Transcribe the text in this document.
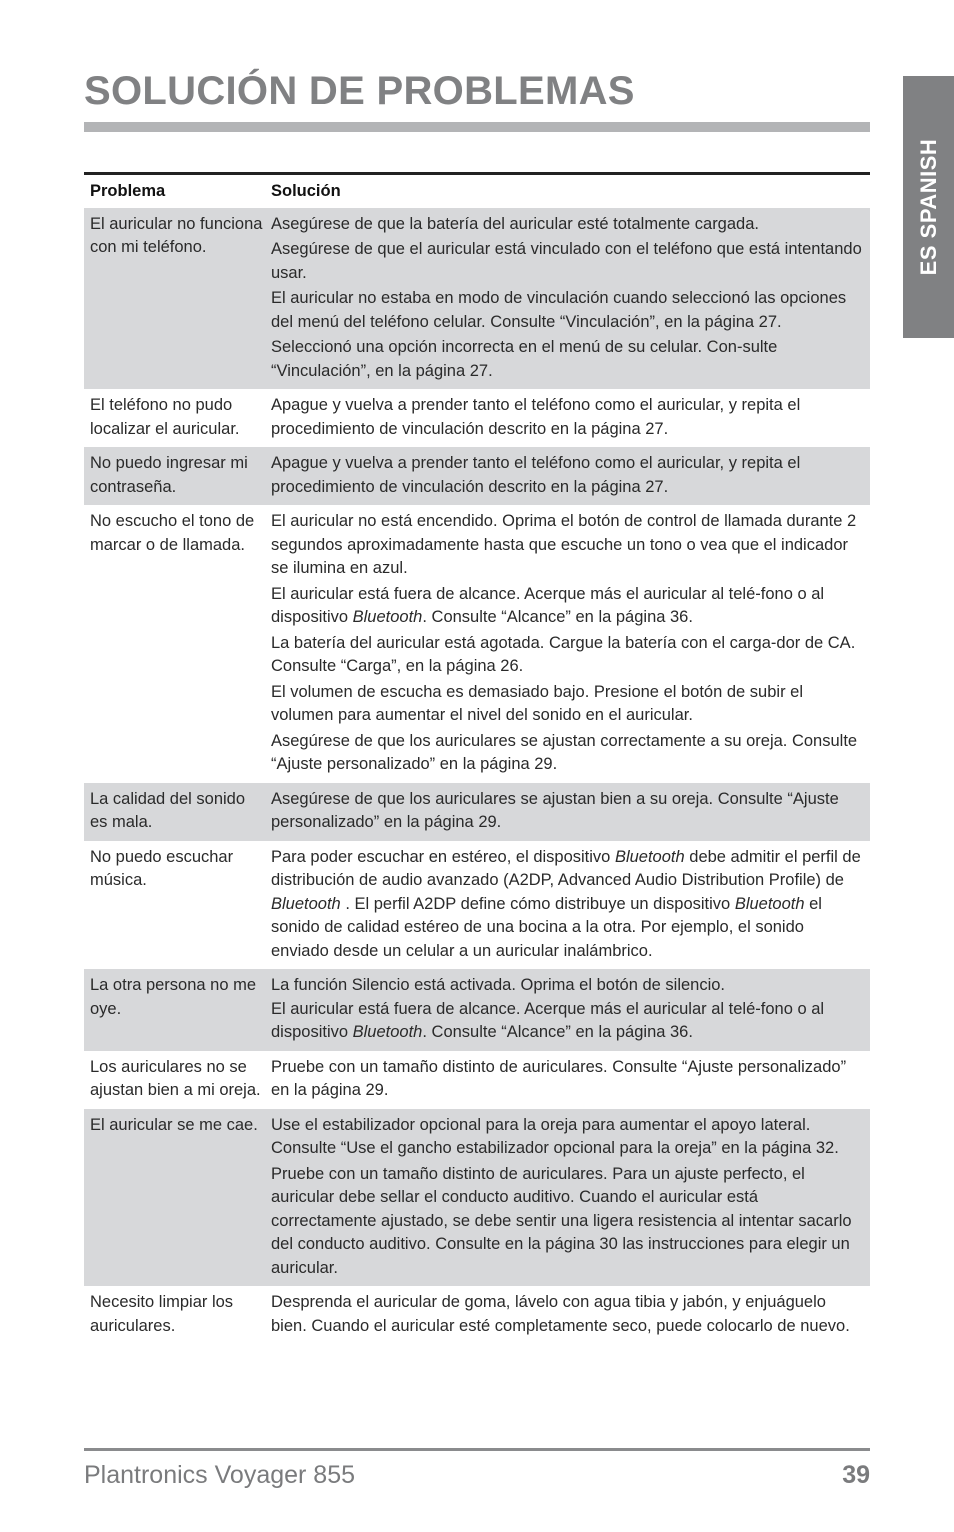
SOLUCIÓN DE PROBLEMAS
ES SPANISH
Problema	Solución
El auricular no funciona con mi teléfono.
Asegúrese de que la batería del auricular esté totalmente cargada.
Asegúrese de que el auricular está vinculado con el teléfono que está intentando usar.
El auricular no estaba en modo de vinculación cuando seleccionó las opciones del menú del teléfono celular. Consulte “Vinculación”, en la página 27.
Seleccionó una opción incorrecta en el menú de su celular. Con-sulte “Vinculación”, en la página 27.
El teléfono no pudo localizar el auricular.
Apague y vuelva a prender tanto el teléfono como el auricular, y repita el procedimiento de vinculación descrito en la página 27.
No puedo ingresar mi contraseña.
Apague y vuelva a prender tanto el teléfono como el auricular, y repita el procedimiento de vinculación descrito en la página 27.
No escucho el tono de marcar o de llamada.
El auricular no está encendido. Oprima el botón de control de llamada durante 2 segundos aproximadamente hasta que escuche un tono o vea que el indicador se ilumina en azul.
El auricular está fuera de alcance. Acerque más el auricular al telé-fono o al dispositivo Bluetooth. Consulte “Alcance” en la página 36.
La batería del auricular está agotada. Cargue la batería con el carga-dor de CA. Consulte “Carga”, en la página 26.
El volumen de escucha es demasiado bajo. Presione el botón de subir el volumen para aumentar el nivel del sonido en el auricular.
Asegúrese de que los auriculares se ajustan correctamente a su oreja. Consulte “Ajuste personalizado” en la página 29.
La calidad del sonido es mala.
Asegúrese de que los auriculares se ajustan bien a su oreja. Consulte “Ajuste personalizado” en la página 29.
No puedo escuchar música.
Para poder escuchar en estéreo, el dispositivo Bluetooth debe admitir el perfil de distribución de audio avanzado (A2DP, Advanced Audio Distribution Profile) de Bluetooth . El perfil A2DP define cómo distribuye un dispositivo Bluetooth el sonido de calidad estéreo de una bocina a la otra. Por ejemplo, el sonido enviado desde un celular a un auricular inalámbrico.
La otra persona no me oye.
La función Silencio está activada. Oprima el botón de silencio.
El auricular está fuera de alcance. Acerque más el auricular al telé-fono o al dispositivo Bluetooth. Consulte “Alcance” en la página 36.
Los auriculares no se ajustan bien a mi oreja.
Pruebe con un tamaño distinto de auriculares. Consulte “Ajuste personalizado” en la página 29.
El auricular se me cae. Use el estabilizador opcional para la oreja para aumentar el apoyo lateral. Consulte “Use el gancho estabilizador opcional para la oreja” en la página 32.
Pruebe con un tamaño distinto de auriculares. Para un ajuste perfecto, el auricular debe sellar el conducto auditivo. Cuando el auricular está correctamente ajustado, se debe sentir una ligera resistencia al intentar sacarlo del conducto auditivo. Consulte en la página 30 las instrucciones para elegir un auricular.
Necesito limpiar los auriculares.
Desprenda el auricular de goma, lávelo con agua tibia y jabón, y enjuáguelo bien. Cuando el auricular esté completamente seco, puede colocarlo de nuevo.
Plantronics Voyager 855	39
